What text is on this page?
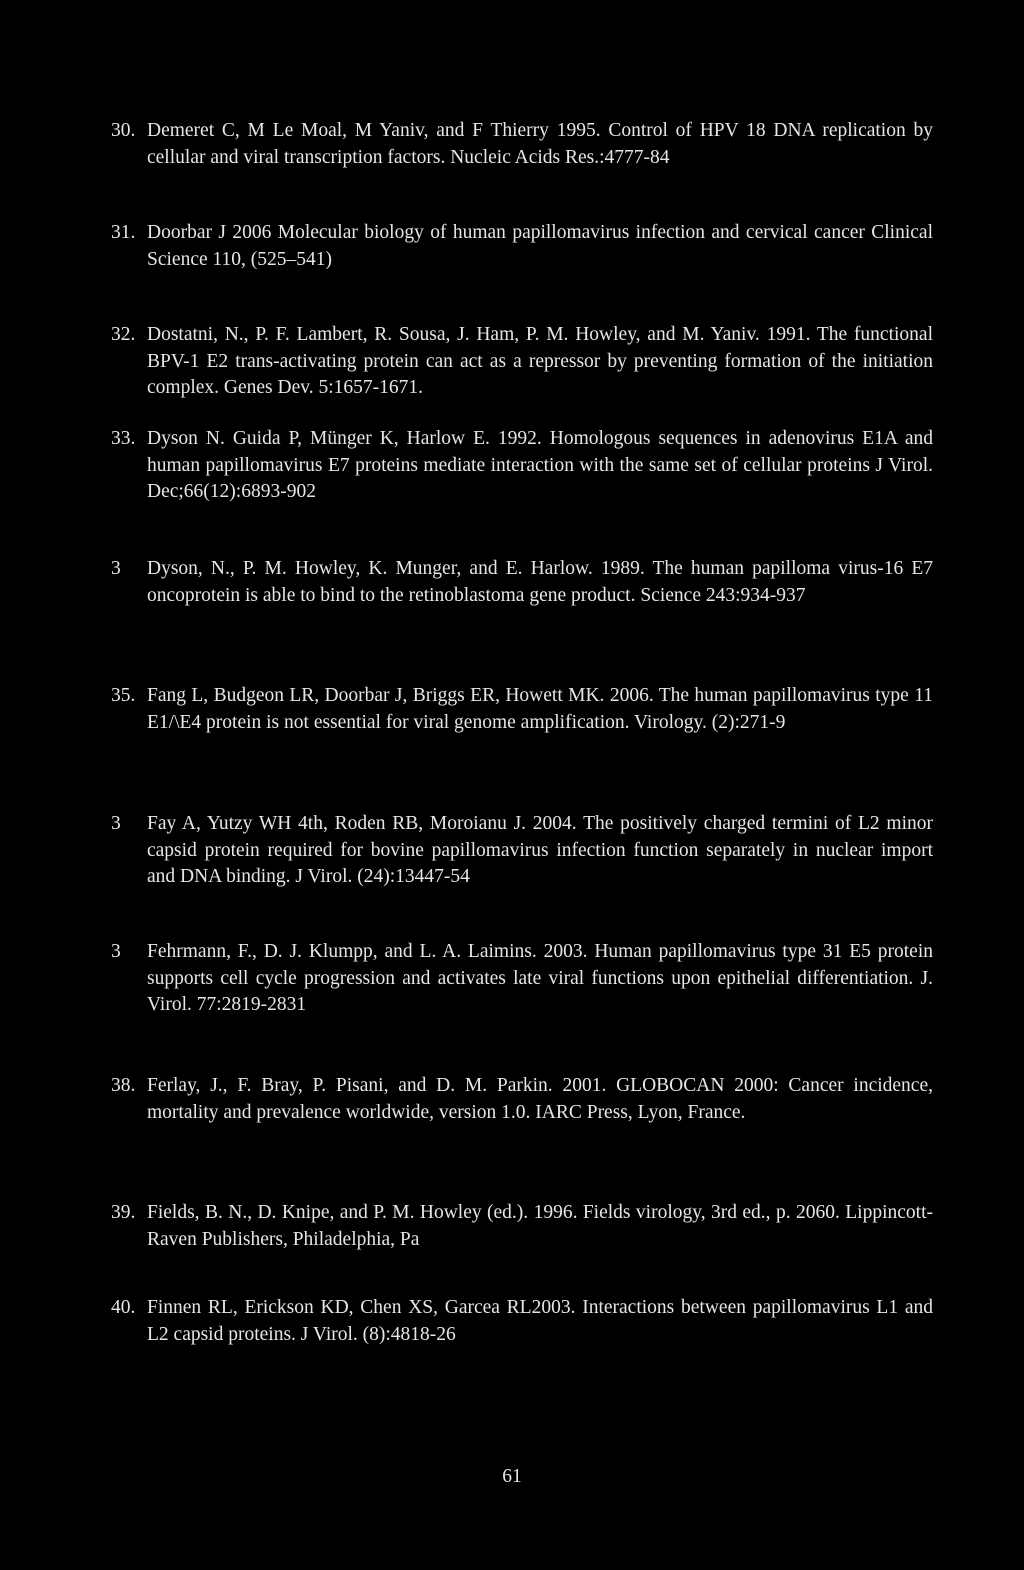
30. Demeret C, M Le Moal, M Yaniv, and F Thierry 1995. Control of HPV 18 DNA replication by cellular and viral transcription factors. Nucleic Acids Res.:4777-84
31. Doorbar J 2006 Molecular biology of human papillomavirus infection and cervical cancer Clinical Science 110, (525–541)
32. Dostatni, N., P. F. Lambert, R. Sousa, J. Ham, P. M. Howley, and M. Yaniv. 1991. The functional BPV-1 E2 trans-activating protein can act as a repressor by preventing formation of the initiation complex. Genes Dev. 5:1657-1671.
33. Dyson N. Guida P, Münger K, Harlow E. 1992. Homologous sequences in adenovirus E1A and human papillomavirus E7 proteins mediate interaction with the same set of cellular proteins J Virol. Dec;66(12):6893-902
3	Dyson, N., P. M. Howley, K. Munger, and E. Harlow. 1989. The human papilloma virus-16 E7 oncoprotein is able to bind to the retinoblastoma gene product. Science 243:934-937
35. Fang L, Budgeon LR, Doorbar J, Briggs ER, Howett MK. 2006. The human papillomavirus type 11 E1/\E4 protein is not essential for viral genome amplification. Virology. (2):271-9
3	Fay A, Yutzy WH 4th, Roden RB, Moroianu J. 2004. The positively charged termini of L2 minor capsid protein required for bovine papillomavirus infection function separately in nuclear import and DNA binding. J Virol. (24):13447-54
3	Fehrmann, F., D. J. Klumpp, and L. A. Laimins. 2003. Human papillomavirus type 31 E5 protein supports cell cycle progression and activates late viral functions upon epithelial differentiation. J. Virol. 77:2819-2831
38. Ferlay, J., F. Bray, P. Pisani, and D. M. Parkin. 2001. GLOBOCAN 2000: Cancer incidence, mortality and prevalence worldwide, version 1.0. IARC Press, Lyon, France.
39. Fields, B. N., D. Knipe, and P. M. Howley (ed.). 1996. Fields virology, 3rd ed., p. 2060. Lippincott-Raven Publishers, Philadelphia, Pa
40. Finnen RL, Erickson KD, Chen XS, Garcea RL2003. Interactions between papillomavirus L1 and L2 capsid proteins. J Virol. (8):4818-26
61
